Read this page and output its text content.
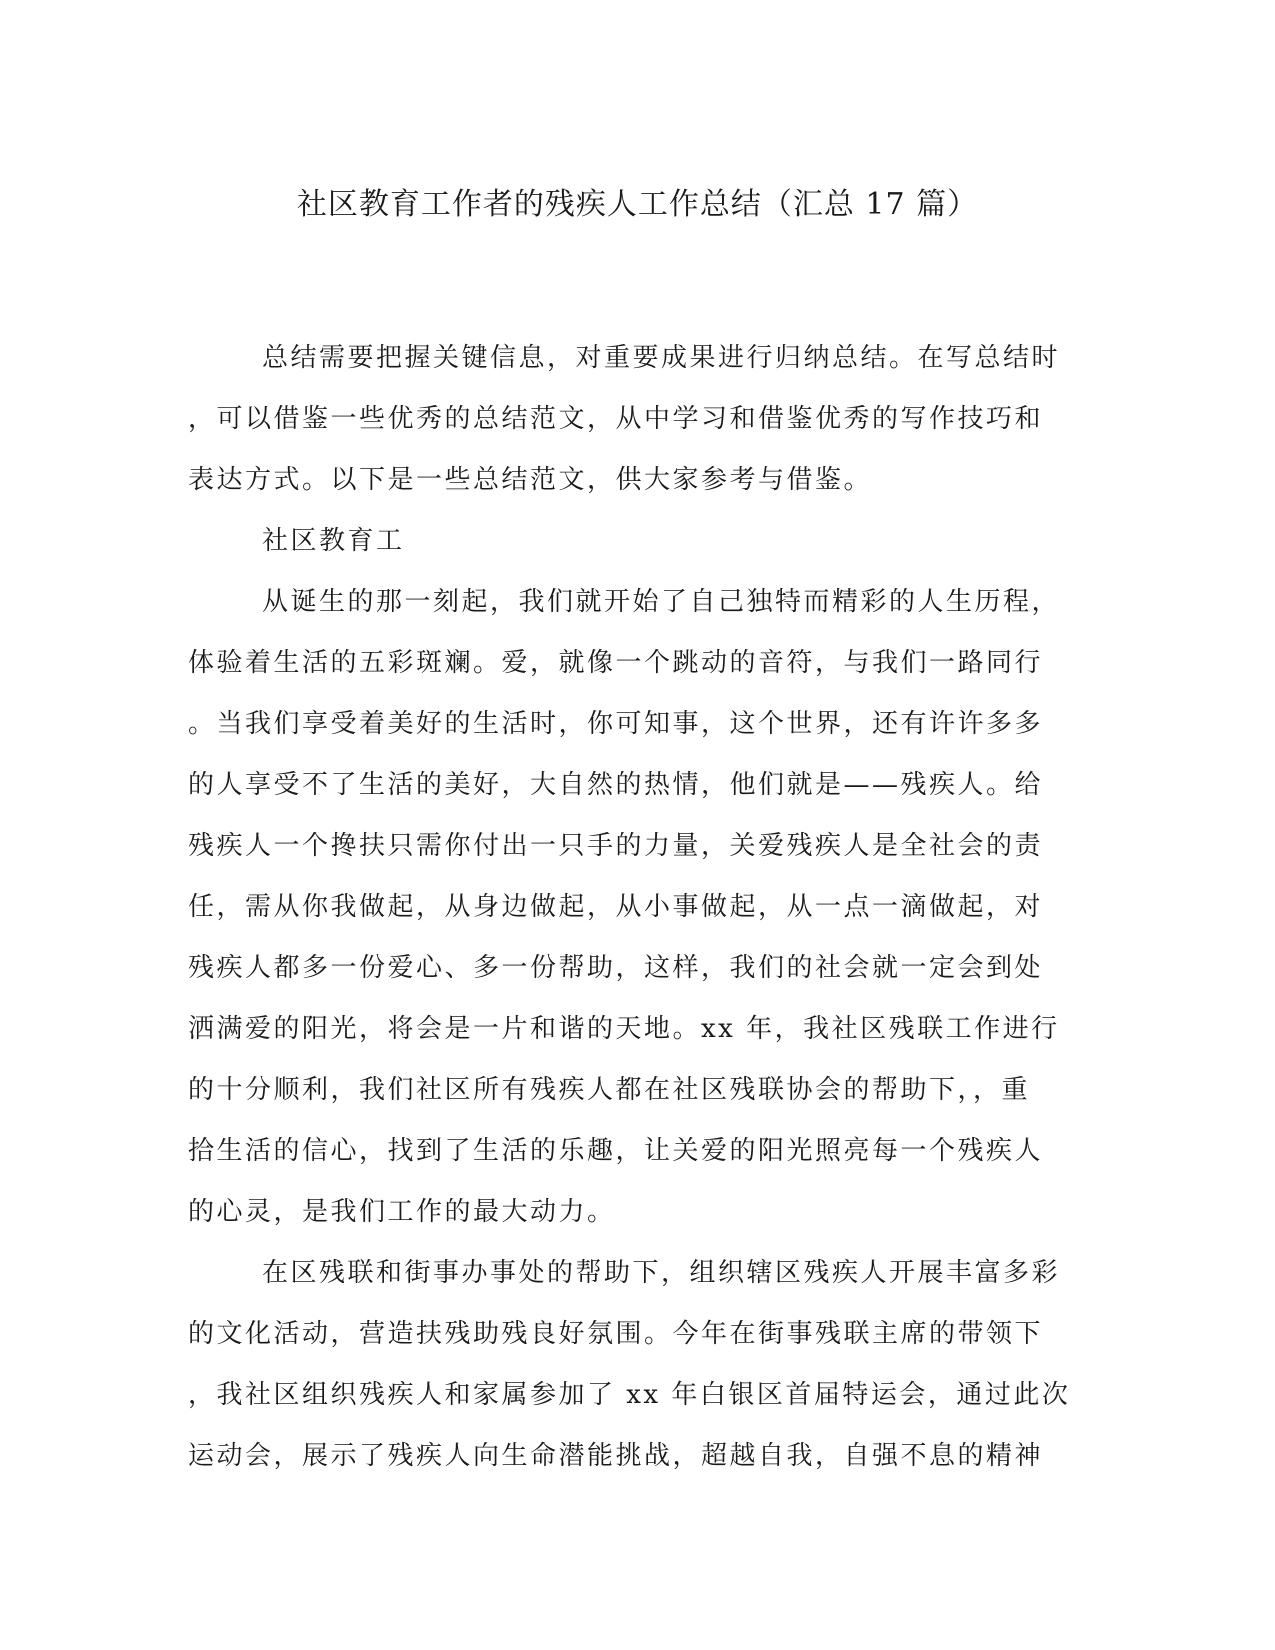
社区教育工作者的残疾人工作总结（汇总 17 篇）

总结需要把握关键信息，对重要成果进行归纳总结。在写总结时
，可以借鉴一些优秀的总结范文，从中学习和借鉴优秀的写作技巧和
表达方式。以下是一些总结范文，供大家参考与借鉴。

社区教育工

从诞生的那一刻起，我们就开始了自己独特而精彩的人生历程，
体验着生活的五彩斑斓。爱，就像一个跳动的音符，与我们一路同行
。当我们享受着美好的生活时，你可知事，这个世界，还有许许多多
的人享受不了生活的美好，大自然的热情，他们就是——残疾人。给
残疾人一个搀扶只需你付出一只手的力量，关爱残疾人是全社会的责
任，需从你我做起，从身边做起，从小事做起，从一点一滴做起，对
残疾人都多一份爱心、多一份帮助，这样，我们的社会就一定会到处
洒满爱的阳光，将会是一片和谐的天地。xx 年，我社区残联工作进行
的十分顺利，我们社区所有残疾人都在社区残联协会的帮助下，，重
拾生活的信心，找到了生活的乐趣，让关爱的阳光照亮每一个残疾人
的心灵，是我们工作的最大动力。

在区残联和街事办事处的帮助下，组织辖区残疾人开展丰富多彩
的文化活动，营造扶残助残良好氛围。今年在街事残联主席的带领下
，我社区组织残疾人和家属参加了 xx 年白银区首届特运会，通过此次
运动会，展示了残疾人向生命潜能挑战，超越自我，自强不息的精神
